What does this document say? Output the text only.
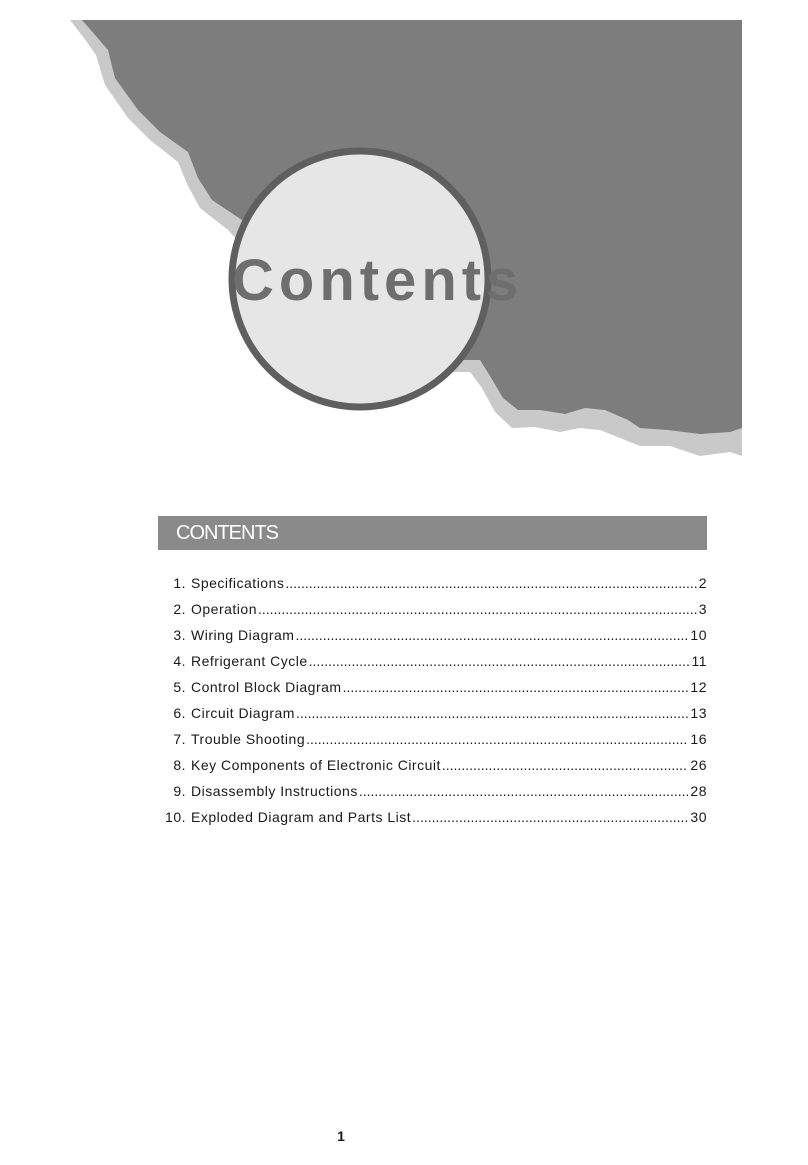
Contents
CONTENTS
1. Specifications .....	2
2. Operation .....	3
3. Wiring Diagram .....	10
4. Refrigerant Cycle .....	11
5. Control Block Diagram .....	12
6. Circuit Diagram .....	13
7. Trouble Shooting .....	16
8. Key Components of Electronic Circuit .....	26
9. Disassembly Instructions .....	28
10. Exploded Diagram and Parts List .....	30
1
